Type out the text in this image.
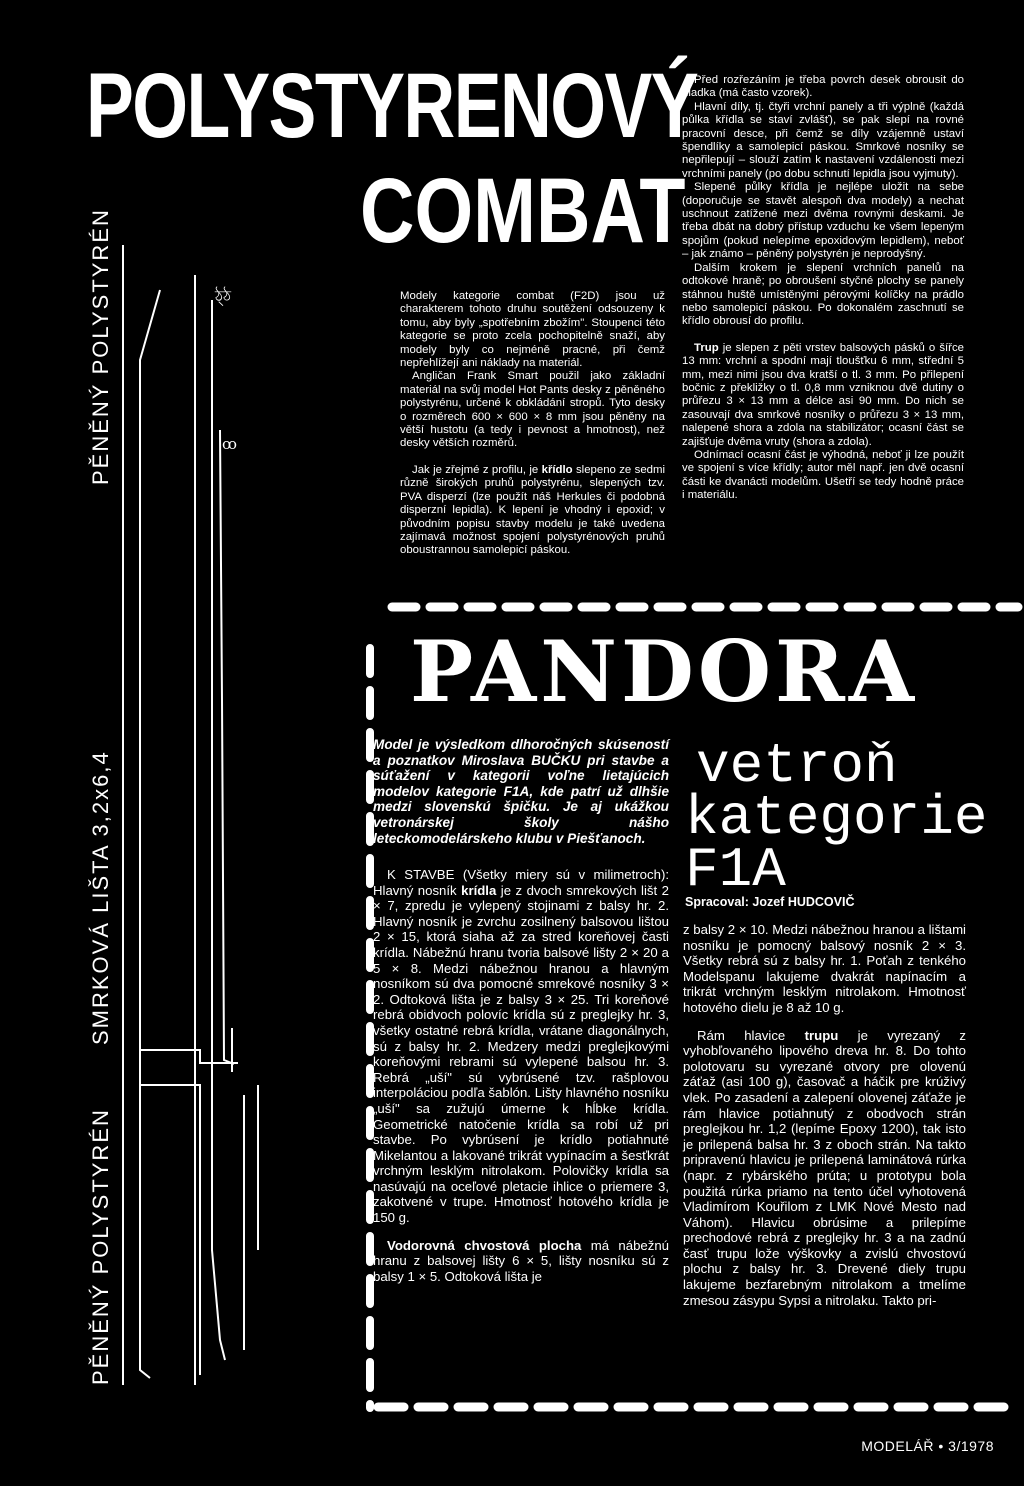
POLYSTYRENOVÝ
COMBAT
PĚNĚNÝ POLYSTYRÉN
SMRKOVÁ LIŠTA 3,2x6,4
PĚNĚNÝ POLYSTYRÉN
ঠ্ঠ
ꝏ

Modely kategorie combat (F2D) jsou už charakterem tohoto druhu soutěžení odsouzeny k tomu, aby byly „spotřebním zbožím". Stoupenci této kategorie se proto zcela pochopitelně snaží, aby modely byly co nejméně pracné, při čemž nepřehlížejí ani náklady na materiál.

Angličan Frank Smart použil jako základní materiál na svůj model Hot Pants desky z pěněného polystyrénu, určené k obkládání stropů. Tyto desky o rozměrech 600 × 600 × 8 mm jsou pěněny na větší hustotu (a tedy i pevnost a hmotnost), než desky větších rozměrů.

Jak je zřejmé z profilu, je křídlo slepeno ze sedmi různě širokých pruhů polystyrénu, slepených tzv. PVA disperzí (lze použít náš Herkules či podobná disperzní lepidla). K lepení je vhodný i epoxid; v původním popisu stavby modelu je také uvedena zajímavá možnost spojení polystyrénových pruhů oboustrannou samolepicí páskou.

Před rozřezáním je třeba povrch desek obrousit do hladka (má často vzorek).

Hlavní díly, tj. čtyři vrchní panely a tři výplně (každá půlka křídla se staví zvlášť), se pak slepí na rovné pracovní desce, při čemž se díly vzájemně ustaví špendlíky a samolepicí páskou. Smrkové nosníky se nepřilepují – slouží zatím k nastavení vzdálenosti mezi vrchními panely (po dobu schnutí lepidla jsou vyjmuty).

Slepené půlky křídla je nejlépe uložit na sebe (doporučuje se stavět alespoň dva modely) a nechat uschnout zatížené mezi dvěma rovnými deskami. Je třeba dbát na dobrý přístup vzduchu ke všem lepeným spojům (pokud nelepíme epoxidovým lepidlem), neboť – jak známo – pěněný polystyrén je neprodyšný.

Dalším krokem je slepení vrchních panelů na odtokové hraně; po obroušení styčné plochy se panely stáhnou huště umístěnými pérovými kolíčky na prádlo nebo samolepicí páskou. Po dokonalém zaschnutí se křídlo obrousí do profilu.

Trup je slepen z pěti vrstev balsových pásků o šířce 13 mm: vrchní a spodní mají tloušťku 6 mm, střední 5 mm, mezi nimi jsou dva kratší o tl. 3 mm. Po přilepení bočnic z překližky o tl. 0,8 mm vzniknou dvě dutiny o průřezu 3 × 13 mm a délce asi 90 mm. Do nich se zasouvají dva smrkové nosníky o průřezu 3 × 13 mm, nalepené shora a zdola na stabilizátor; ocasní část se zajišťuje dvěma vruty (shora a zdola).

Odnímací ocasní část je výhodná, neboť ji lze použít ve spojení s více křídly; autor měl např. jen dvě ocasní části ke dvanácti modelům. Ušetří se tedy hodně práce i materiálu.

PANDORA
vetroň
kategorie
F1A
Spracoval: Jozef HUDCOVIČ
Model je výsledkom dlhoročných skúseností a poznatkov Miroslava BUČKU pri stavbe a súťažení v kategorii voľne lietajúcich modelov kategorie F1A, kde patrí už dlhšie medzi slovenskú špičku. Je aj ukážkou vetronárskej školy nášho leteckomodelárskeho klubu v Piešťanoch.

K STAVBE (Všetky miery sú v milimetroch): Hlavný nosník krídla je z dvoch smrekových lišt 2 × 7, zpredu je vylepený stojinami z balsy hr. 2. Hlavný nosník je zvrchu zosilnený balsovou lištou 2 × 15, ktorá siaha až za stred koreňovej časti krídla. Nábežnú hranu tvoria balsové lišty 2 × 20 a 5 × 8. Medzi nábežnou hranou a hlavným nosníkom sú dva pomocné smrekové nosníky 3 × 2. Odtoková lišta je z balsy 3 × 25. Tri koreňové rebrá obidvoch polovíc krídla sú z preglejky hr. 3, všetky ostatné rebrá krídla, vrátane diagonálnych, sú z balsy hr. 2. Medzery medzi preglejkovými koreňovými rebrami sú vylepené balsou hr. 3. Rebrá „uší" sú vybrúsené tzv. rašplovou interpoláciou podľa šablón. Lišty hlavného nosníku „uší" sa zužujú úmerne k hĺbke krídla. Geometrické natočenie krídla sa robí už pri stavbe. Po vybrúsení je krídlo potiahnuté Mikelantou a lakované trikrát vypínacím a šesťkrát vrchným lesklým nitrolakom. Polovičky krídla sa nasúvajú na oceľové pletacie ihlice o priemere 3, zakotvené v trupe. Hmotnosť hotového krídla je 150 g.

Vodorovná chvostová plocha má nábežnú hranu z balsovej lišty 6 × 5, lišty nosníku sú z balsy 1 × 5. Odtoková lišta je

z balsy 2 × 10. Medzi nábežnou hranou a lištami nosníku je pomocný balsový nosník 2 × 3. Všetky rebrá sú z balsy hr. 1. Poťah z tenkého Modelspanu lakujeme dvakrát napínacím a trikrát vrchným lesklým nitrolakom. Hmotnosť hotového dielu je 8 až 10 g.

Rám hlavice trupu je vyrezaný z vyhobľovaného lipového dreva hr. 8. Do tohto polotovaru su vyrezané otvory pre olovenú záťaž (asi 100 g), časovač a háčik pre krúživý vlek. Po zasadení a zalepení olovenej záťaže je rám hlavice potiahnutý z obodvoch strán preglejkou hr. 1,2 (lepíme Epoxy 1200), tak isto je prilepená balsa hr. 3 z oboch strán. Na takto pripravenú hlavicu je prilepená laminátová rúrka (napr. z rybárského prúta; u prototypu bola použitá rúrka priamo na tento účel vyhotovená Vladimírom Kouřilom z LMK Nové Mesto nad Váhom). Hlavicu obrúsime a prilepíme prechodové rebrá z preglejky hr. 3 a na zadnú časť trupu lože výškovky a zvislú chvostovú plochu z balsy hr. 3. Drevené diely trupu lakujeme bezfarebným nitrolakom a tmelíme zmesou zásypu Sypsi a nitrolaku. Takto pri-

MODELÁŘ • 3/1978
